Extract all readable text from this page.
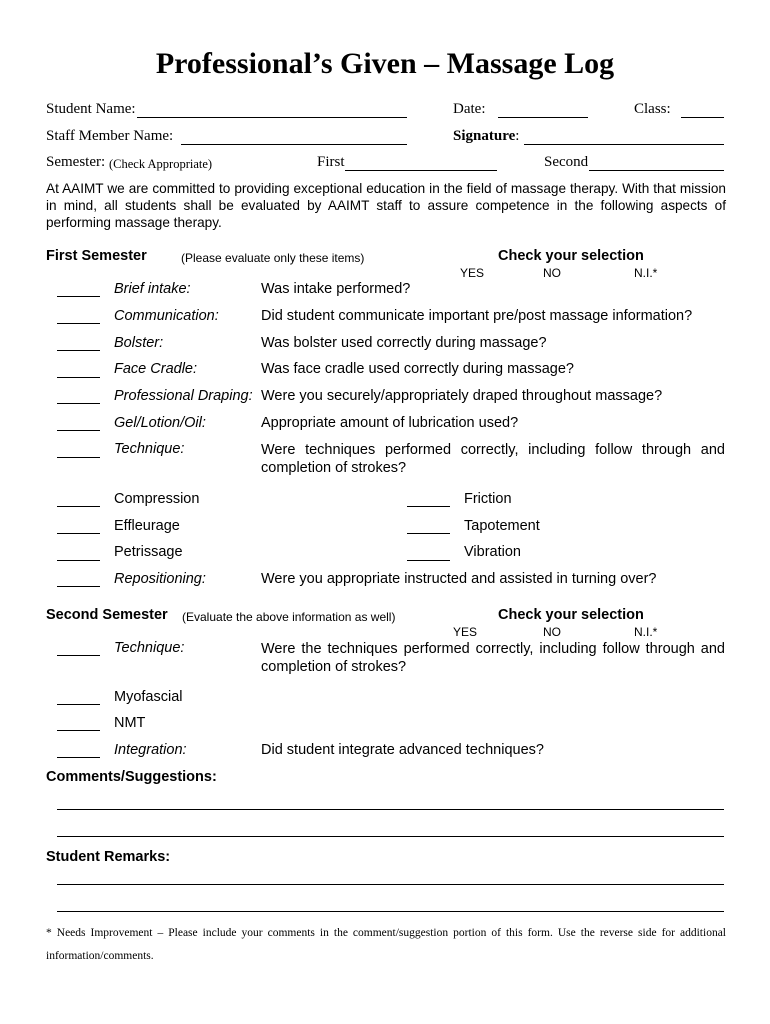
Professional’s Given – Massage Log
Student Name:	Date:	Class:
Staff Member Name:	Signature:
Semester: (Check Appropriate)	First	Second
At AAIMT we are committed to providing exceptional education in the field of massage therapy. With that mission in mind, all students shall be evaluated by AAIMT staff to assure competence in the following aspects of performing massage therapy.
First Semester	(Please evaluate only these items)	Check your selection
YES	NO	N.I.*
Brief intake:	Was intake performed?
Communication:	Did student communicate important pre/post massage information?
Bolster:	Was bolster used correctly during massage?
Face Cradle:	Was face cradle used correctly during massage?
Professional Draping: Were you securely/appropriately draped throughout massage?
Gel/Lotion/Oil:	Appropriate amount of lubrication used?
Technique:	Were techniques performed correctly, including follow through and completion of strokes?
Compression	Friction
Effleurage	Tapotement
Petrissage	Vibration
Repositioning:	Were you appropriate instructed and assisted in turning over?
Second Semester (Evaluate the above information as well)	Check your selection
YES	NO	N.I.*
Technique:	Were the techniques performed correctly, including follow through and completion of strokes?
Myofascial
NMT
Integration:	Did student integrate advanced techniques?
Comments/Suggestions:
Student Remarks:
* Needs Improvement – Please include your comments in the comment/suggestion portion of this form. Use the reverse side for additional information/comments.
